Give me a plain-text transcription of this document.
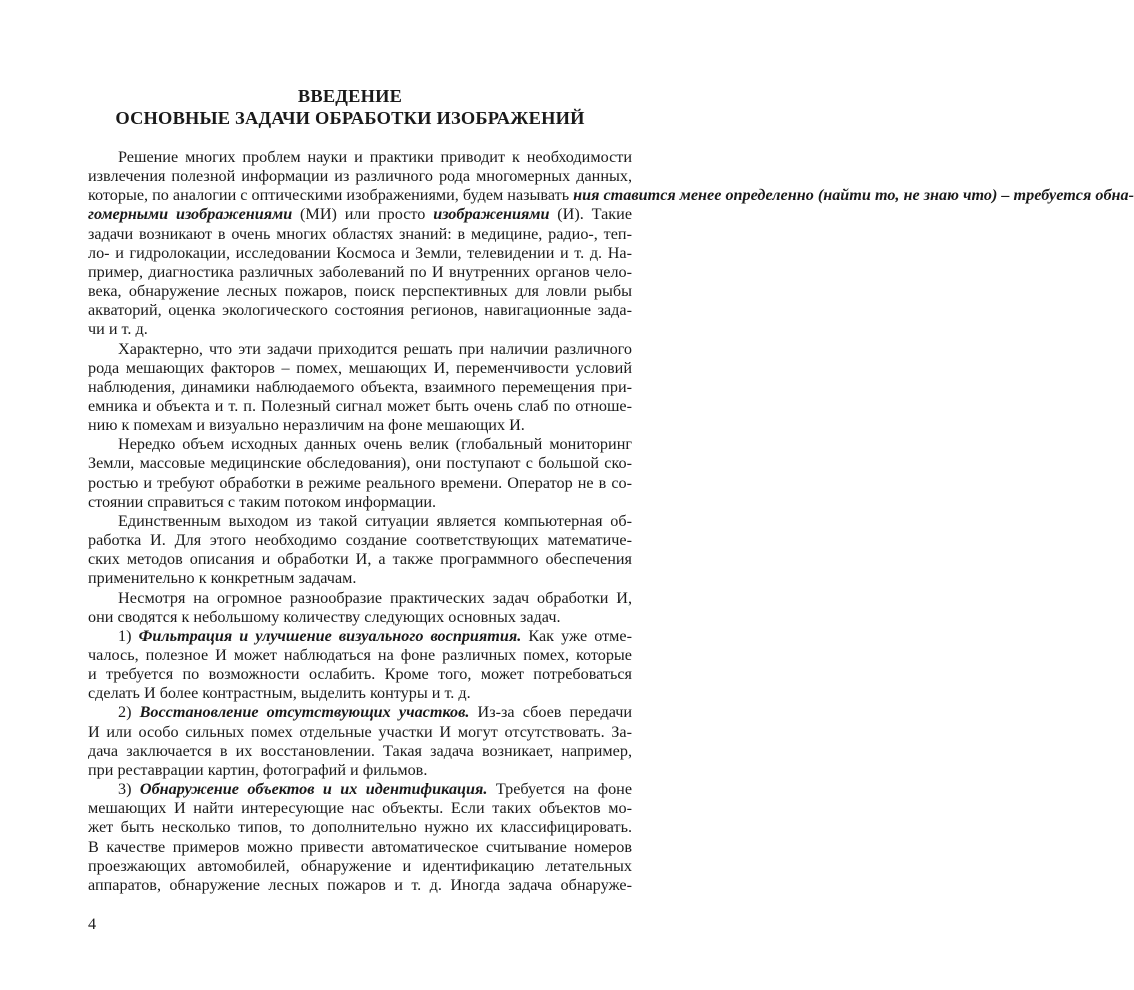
ВВЕДЕНИЕ
ОСНОВНЫЕ ЗАДАЧИ ОБРАБОТКИ ИЗОБРАЖЕНИЙ
Решение многих проблем науки и практики приводит к необходимости
извлечения полезной информации из различного рода многомерных данных,
которые, по аналогии с оптическими изображениями, будем называть ния ставится менее определенно (найти то, не знаю что) – требуется обна-
гомерными изображениями (МИ) или просто изображениями (И). Такие
задачи возникают в очень многих областях знаний: в медицине, радио-, теп-
ло- и гидролокации, исследовании Космоса и Земли, телевидении и т. д. На-
пример, диагностика различных заболеваний по И внутренних органов чело-
века, обнаружение лесных пожаров, поиск перспективных для ловли рыбы
акваторий, оценка экологического состояния регионов, навигационные зада-
чи и т. д.
Характерно, что эти задачи приходится решать при наличии различного
рода мешающих факторов – помех, мешающих И, переменчивости условий
наблюдения, динамики наблюдаемого объекта, взаимного перемещения при-
емника и объекта и т. п. Полезный сигнал может быть очень слаб по отноше-
нию к помехам и визуально неразличим на фоне мешающих И.
Нередко объем исходных данных очень велик (глобальный мониторинг
Земли, массовые медицинские обследования), они поступают с большой ско-
ростью и требуют обработки в режиме реального времени. Оператор не в со-
стоянии справиться с таким потоком информации.
Единственным выходом из такой ситуации является компьютерная об-
работка И. Для этого необходимо создание соответствующих математиче-
ских методов описания и обработки И, а также программного обеспечения
применительно к конкретным задачам.
Несмотря на огромное разнообразие практических задач обработки И,
они сводятся к небольшому количеству следующих основных задач.
1) Фильтрация и улучшение визуального восприятия. Как уже отме-
чалось, полезное И может наблюдаться на фоне различных помех, которые
и требуется по возможности ослабить. Кроме того, может потребоваться
сделать И более контрастным, выделить контуры и т. д.
2) Восстановление отсутствующих участков. Из-за сбоев передачи
И или особо сильных помех отдельные участки И могут отсутствовать. За-
дача заключается в их восстановлении. Такая задача возникает, например,
при реставрации картин, фотографий и фильмов.
3) Обнаружение объектов и их идентификация. Требуется на фоне
мешающих И найти интересующие нас объекты. Если таких объектов мо-
жет быть несколько типов, то дополнительно нужно их классифицировать.
В качестве примеров можно привести автоматическое считывание номеров
проезжающих автомобилей, обнаружение и идентификацию летательных
аппаратов, обнаружение лесных пожаров и т. д. Иногда задача обнаруже-
4
